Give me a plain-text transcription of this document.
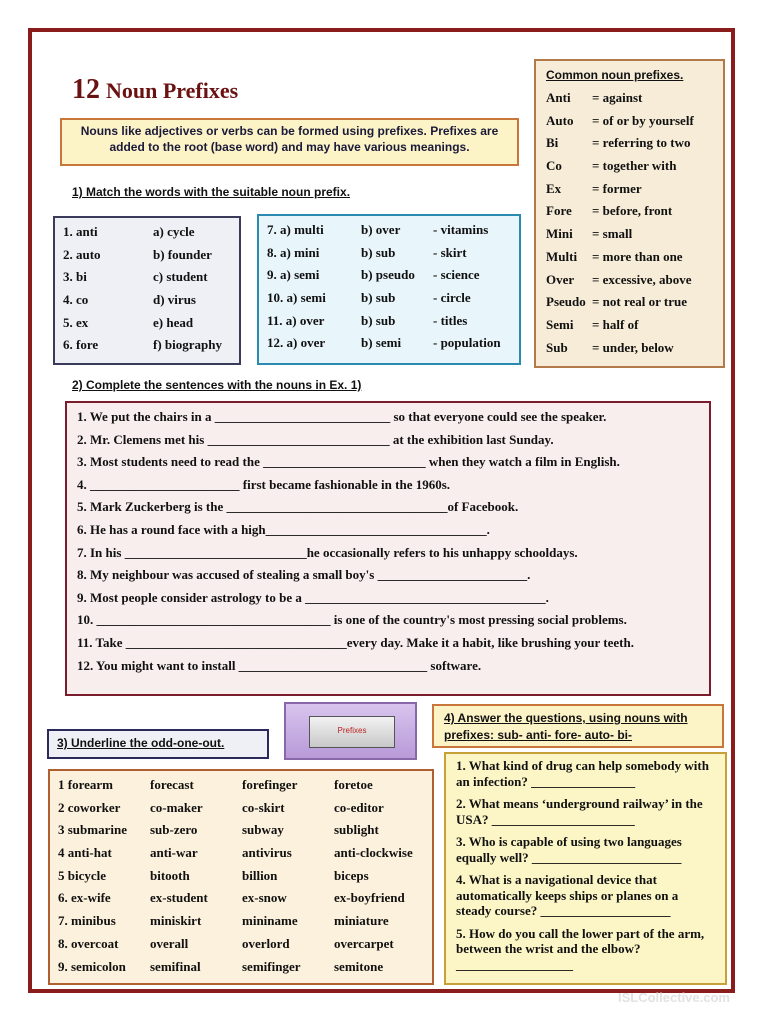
12 Noun Prefixes
Nouns like adjectives or verbs can be formed using prefixes. Prefixes are added to the root (base word) and may have various meanings.
Common noun prefixes.
Anti	= against
Auto	= of or by yourself
Bi	= referring to two
Co	= together with
Ex	= former
Fore	= before, front
Mini	= small
Multi	= more than one
Over	= excessive, above
Pseudo = not real or true
Semi	= half of
Sub	= under, below
1) Match the words with the suitable noun prefix.
1. anti	a) cycle
2. auto	b) founder
3. bi	c) student
4. co	d) virus
5. ex	e) head
6. fore	f) biography
7. a) multi	b) over	- vitamins
8. a) mini	b) sub	- skirt
9. a) semi	b) pseudo	- science
10. a) semi	b) sub	- circle
11. a) over	b) sub	- titles
12. a) over	b) semi	- population
2) Complete the sentences with the nouns in Ex. 1)
1. We put the chairs in a ___________________________ so that everyone could see the speaker.
2. Mr. Clemens met his ____________________________ at the exhibition last Sunday.
3. Most students need to read the _________________________ when they watch a film in English.
4. _______________________ first became fashionable in the 1960s.
5. Mark Zuckerberg is the __________________________________of Facebook.
6. He has a round face with a high__________________________________.
7. In his ____________________________he occasionally refers to his unhappy schooldays.
8. My neighbour was accused of stealing a small boy's _______________________.
9. Most people consider astrology to be a _____________________________________.
10. ____________________________________ is one of the country's most pressing social problems.
11. Take __________________________________every day. Make it a habit, like brushing your teeth.
12. You might want to install _____________________________ software.
Prefixes
3) Underline the odd-one-out.
4) Answer the questions, using nouns with
prefixes: sub- anti- fore- auto- bi-
1 forearm	forecast	forefinger	foretoe
2 coworker	co-maker	co-skirt	co-editor
3 submarine	sub-zero	subway	sublight
4 anti-hat	anti-war	antivirus	anti-clockwise
5 bicycle	bitooth	billion	biceps
6. ex-wife	ex-student	ex-snow	ex-boyfriend
7. minibus	miniskirt	mininame	miniature
8. overcoat	overall	overlord	overcarpet
9. semicolon	semifinal	semifinger	semitone
1. What kind of drug can help somebody with an infection? ________________
2. What means ‘underground railway’ in the USA? ______________________
3. Who is capable of using two languages equally well? _______________________
4. What is a navigational device that automatically keeps ships or planes on a steady course? ____________________
5. How do you call the lower part of the arm, between the wrist and the elbow? __________________
ISLCollective.com
